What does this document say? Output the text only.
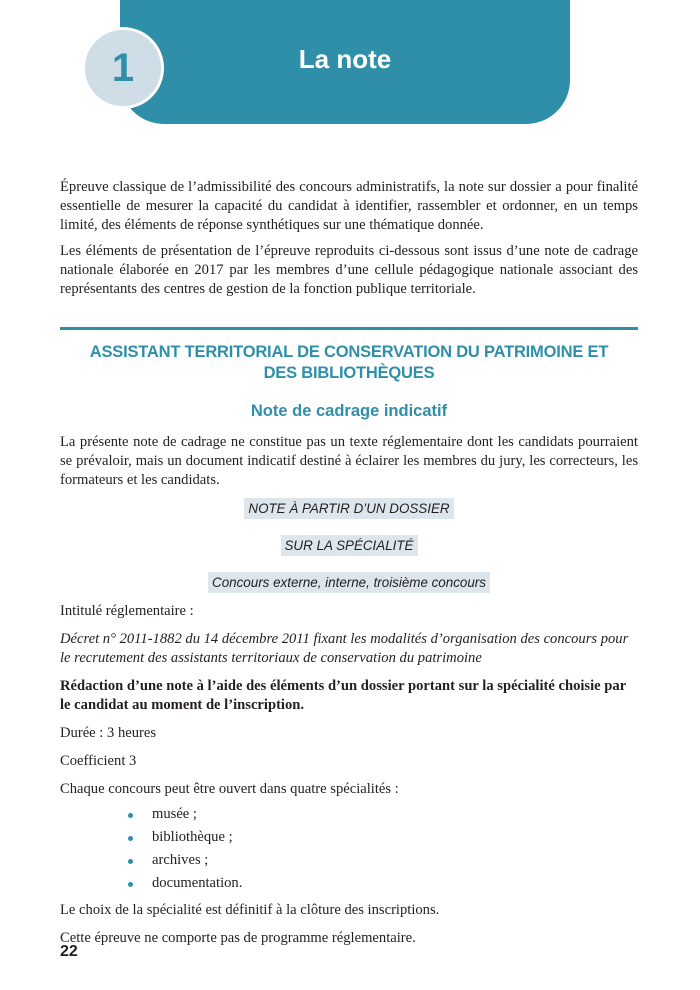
1	La note

Épreuve classique de l’admissibilité des concours administratifs, la note sur dossier a pour finalité essentielle de mesurer la capacité du candidat à identifier, rassembler et ordonner, en un temps limité, des éléments de réponse synthétiques sur une thématique donnée.

Les éléments de présentation de l’épreuve reproduits ci-dessous sont issus d’une note de cadrage nationale élaborée en 2017 par les membres d’une cellule pédagogique nationale associant des représentants des centres de gestion de la fonction publique territoriale.

ASSISTANT TERRITORIAL DE CONSERVATION DU PATRIMOINE ET
DES BIBLIOTHÈQUES
Note de cadrage indicatif

La présente note de cadrage ne constitue pas un texte réglementaire dont les candidats pourraient se prévaloir, mais un document indicatif destiné à éclairer les membres du jury, les correcteurs, les formateurs et les candidats.

NOTE À PARTIR D’UN DOSSIER
SUR LA SPÉCIALITÉ
Concours externe, interne, troisième concours

Intitulé réglementaire :

Décret n° 2011-1882 du 14 décembre 2011 fixant les modalités d’organisation des concours pour le recrutement des assistants territoriaux de conservation du patrimoine

Rédaction d’une note à l’aide des éléments d’un dossier portant sur la spécialité choisie par le candidat au moment de l’inscription.

Durée : 3 heures

Coefficient 3

Chaque concours peut être ouvert dans quatre spécialités :

musée ;
bibliothèque ;
archives ;
documentation.

Le choix de la spécialité est définitif à la clôture des inscriptions.

Cette épreuve ne comporte pas de programme réglementaire.

22
